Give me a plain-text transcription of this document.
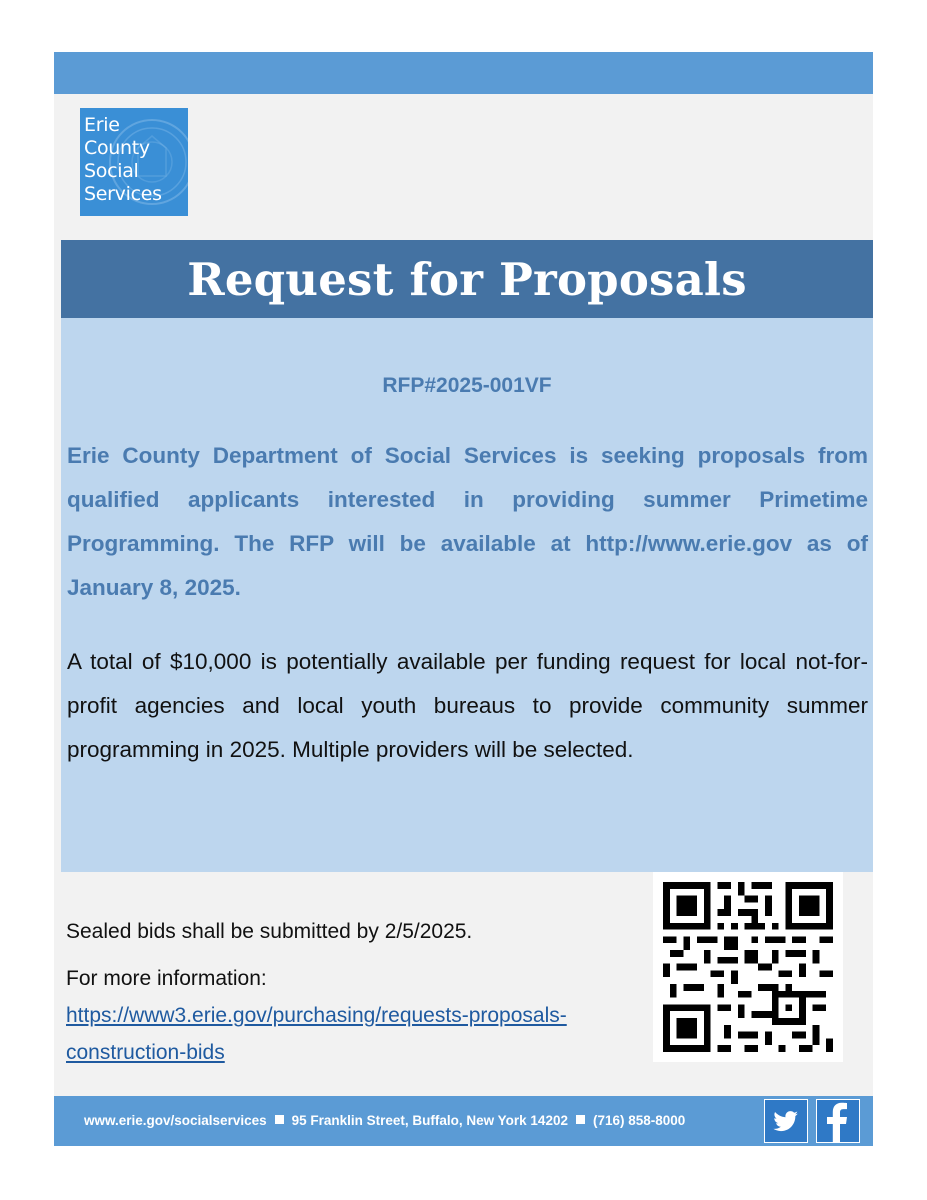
Erie
County
Social
Services
Request for Proposals
RFP#2025-001VF
Erie County Department of Social Services is seeking proposals from qualified applicants interested in providing summer Primetime Programming. The RFP will be available at http://www.erie.gov as of January 8, 2025.
A total of $10,000 is potentially available per funding request for local not-for-profit agencies and local youth bureaus to provide community summer programming in 2025. Multiple providers will be selected.

Sealed bids shall be submitted by 2/5/2025.

For more information: https://www3.erie.gov/purchasing/requests-proposals-construction-bids

www.erie.gov/socialservices 95 Franklin Street, Buffalo, New York 14202 (716) 858-8000
